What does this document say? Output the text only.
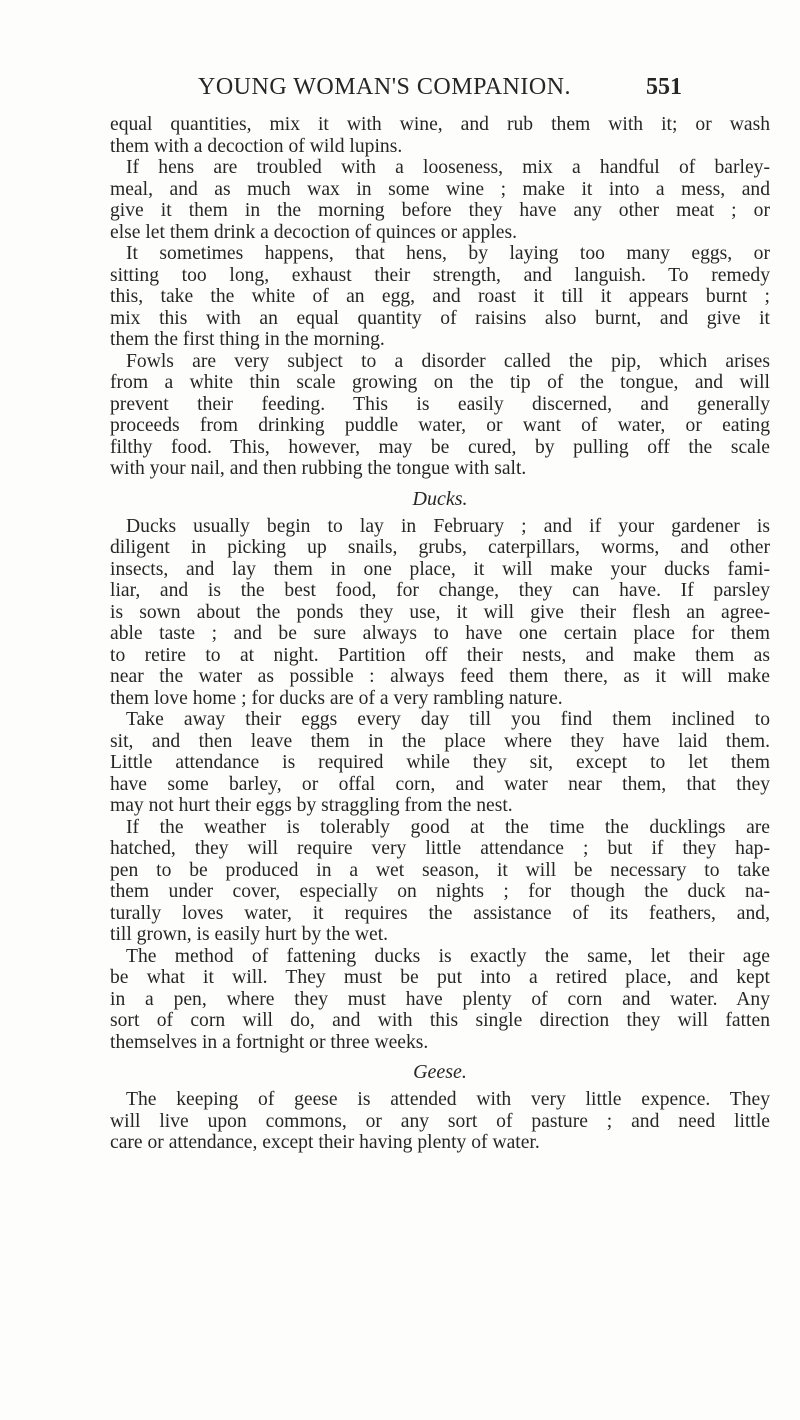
YOUNG WOMAN'S COMPANION.	551
equal quantities, mix it with wine, and rub them with it; or wash
them with a decoction of wild lupins.
If hens are troubled with a looseness, mix a handful of barley-
meal, and as much wax in some wine ; make it into a mess, and
give it them in the morning before they have any other meat ; or
else let them drink a decoction of quinces or apples.
It sometimes happens, that hens, by laying too many eggs, or
sitting too long, exhaust their strength, and languish. To remedy
this, take the white of an egg, and roast it till it appears burnt ;
mix this with an equal quantity of raisins also burnt, and give it
them the first thing in the morning.
Fowls are very subject to a disorder called the pip, which arises
from a white thin scale growing on the tip of the tongue, and will
prevent their feeding. This is easily discerned, and generally
proceeds from drinking puddle water, or want of water, or eating
filthy food. This, however, may be cured, by pulling off the scale
with your nail, and then rubbing the tongue with salt.
Ducks.
Ducks usually begin to lay in February ; and if your gardener is
diligent in picking up snails, grubs, caterpillars, worms, and other
insects, and lay them in one place, it will make your ducks fami-
liar, and is the best food, for change, they can have. If parsley
is sown about the ponds they use, it will give their flesh an agree-
able taste ; and be sure always to have one certain place for them
to retire to at night. Partition off their nests, and make them as
near the water as possible : always feed them there, as it will make
them love home ; for ducks are of a very rambling nature.
Take away their eggs every day till you find them inclined to
sit, and then leave them in the place where they have laid them.
Little attendance is required while they sit, except to let them
have some barley, or offal corn, and water near them, that they
may not hurt their eggs by straggling from the nest.
If the weather is tolerably good at the time the ducklings are
hatched, they will require very little attendance ; but if they hap-
pen to be produced in a wet season, it will be necessary to take
them under cover, especially on nights ; for though the duck na-
turally loves water, it requires the assistance of its feathers, and,
till grown, is easily hurt by the wet.
The method of fattening ducks is exactly the same, let their age
be what it will. They must be put into a retired place, and kept
in a pen, where they must have plenty of corn and water. Any
sort of corn will do, and with this single direction they will fatten
themselves in a fortnight or three weeks.
Geese.
The keeping of geese is attended with very little expence. They
will live upon commons, or any sort of pasture ; and need little
care or attendance, except their having plenty of water.
